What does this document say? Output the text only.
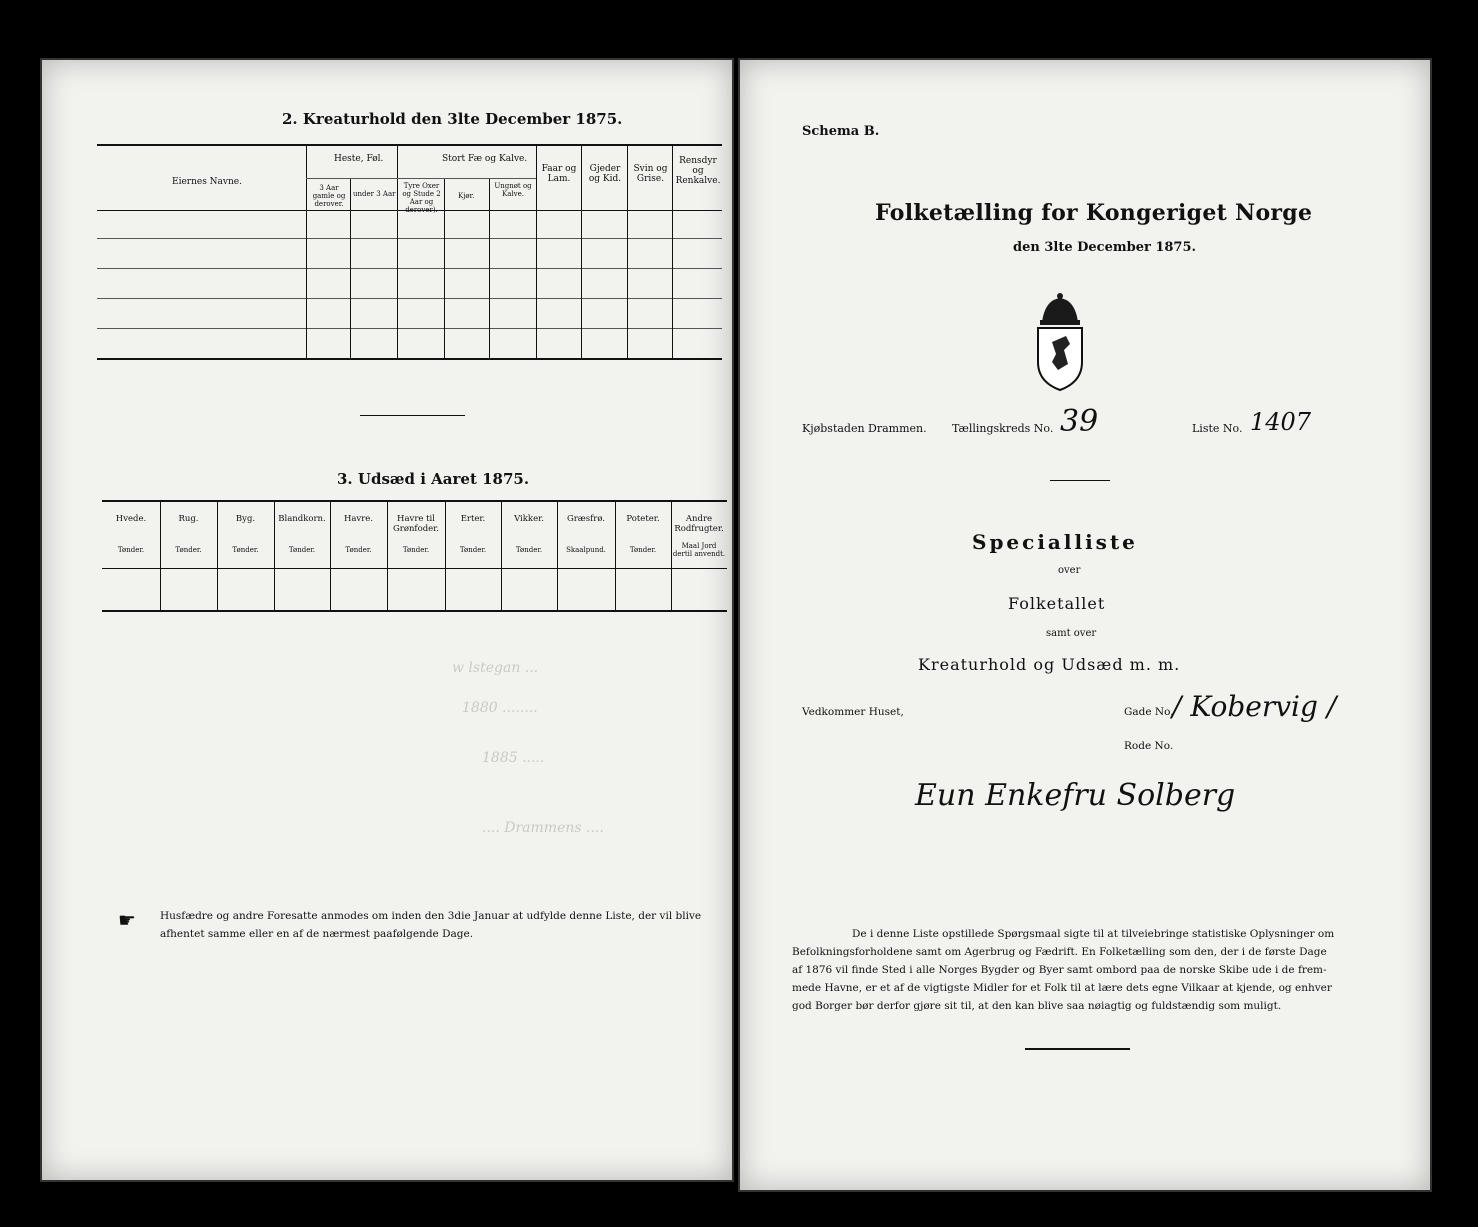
2. Kreaturhold den 3lte December 1875.
Eiernes Navne.
Heste, Føl.
3 Aar gamle og derover.
under 3 Aar
Stort Fæ og Kalve.
Tyre Oxer og Stude 2 Aar og derover).
Kjør.
Ungnøt og Kalve.
Faar og Lam.
Gjeder og Kid.
Svin og Grise.
Rensdyr og Renkalve.
3. Udsæd i Aaret 1875.
Hvede.
Tønder.
Rug.
Tønder.
Byg.
Tønder.
Blandkorn.
Tønder.
Havre.
Tønder.
Havre til Grønfoder.
Tønder.
Erter.
Tønder.
Vikker.
Tønder.
Græsfrø.
Skaalpund.
Poteter.
Tønder.
Andre Rodfrugter.
Maal Jord dertil anvendt.
w lstegan ...
1880 ........
1885 .....
.... Drammens ....
☛ Husfædre og andre Foresatte anmodes om inden den 3die Januar at udfylde denne Liste, der vil blive
afhentet samme eller en af de nærmest paafølgende Dage.
Schema B.
Folketælling for Kongeriget Norge
den 3lte December 1875.
Kjøbstaden Drammen. Tællingskreds No. 39	Liste No. 1407
Specialliste
over
Folketallet
samt over
Kreaturhold og Udsæd m. m.
Vedkommer Huset,	Gade No.
/ Kobervig /
Rode No.
Eun Enkefru Solberg
De i denne Liste opstillede Spørgsmaal sigte til at tilveiebringe statistiske Oplysninger om
Befolkningsforholdene samt om Agerbrug og Fædrift. En Folketælling som den, der i de første Dage
af 1876 vil finde Sted i alle Norges Bygder og Byer samt ombord paa de norske Skibe ude i de frem-
mede Havne, er et af de vigtigste Midler for et Folk til at lære dets egne Vilkaar at kjende, og enhver
god Borger bør derfor gjøre sit til, at den kan blive saa nøiagtig og fuldstændig som muligt.
